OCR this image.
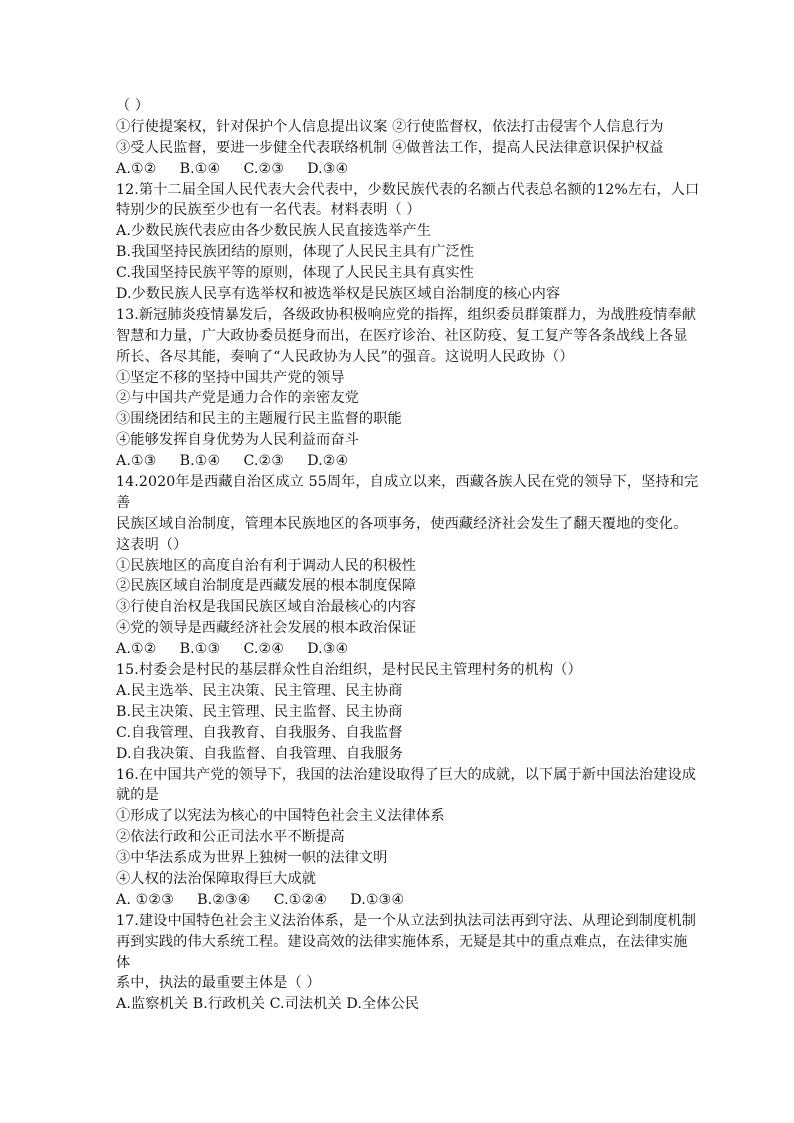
（ ）
①行使提案权，针对保护个人信息提出议案 ②行使监督权，依法打击侵害个人信息行为
③受人民监督，要进一步健全代表联络机制 ④做普法工作，提高人民法律意识保护权益
A.①②     B.①④     C.②③     D.③④
12.第十二届全国人民代表大会代表中，少数民族代表的名额占代表总名额的12%左右，人口
特别少的民族至少也有一名代表。材料表明（ ）
A.少数民族代表应由各少数民族人民直接选举产生
B.我国坚持民族团结的原则，体现了人民民主具有广泛性
C.我国坚持民族平等的原则，体现了人民民主具有真实性
D.少数民族人民享有选举权和被选举权是民族区域自治制度的核心内容
13.新冠肺炎疫情暴发后，各级政协积极响应党的指挥，组织委员群策群力，为战胜疫情奉献
智慧和力量，广大政协委员挺身而出，在医疗诊治、社区防疫、复工复产等各条战线上各显
所长、各尽其能，奏响了“人民政协为人民”的强音。这说明人民政协（）
①坚定不移的坚持中国共产党的领导
②与中国共产党是通力合作的亲密友党
③围绕团结和民主的主题履行民主监督的职能
④能够发挥自身优势为人民利益而奋斗
A.①③     B.①④     C.②③     D.②④
14.2020年是西藏自治区成立 55周年，自成立以来，西藏各族人民在党的领导下，坚持和完
善
民族区域自治制度，管理本民族地区的各项事务，使西藏经济社会发生了翻天覆地的变化。
这表明（）
①民族地区的高度自治有利于调动人民的积极性
②民族区域自治制度是西藏发展的根本制度保障
③行使自治权是我国民族区域自治最核心的内容
④党的领导是西藏经济社会发展的根本政治保证
A.①②     B.①③     C.②④     D.③④
15.村委会是村民的基层群众性自治组织，是村民民主管理村务的机构（）
A.民主选举、民主决策、民主管理、民主协商
B.民主决策、民主管理、民主监督、民主协商
C.自我管理、自我教育、自我服务、自我监督
D.自我决策、自我监督、自我管理、自我服务
16.在中国共产党的领导下，我国的法治建设取得了巨大的成就，以下属于新中国法治建设成
就的是
①形成了以宪法为核心的中国特色社会主义法律体系
②依法行政和公正司法水平不断提高
③中华法系成为世界上独树一帜的法律文明
④人权的法治保障取得巨大成就
A. ①②③     B.②③④     C.①②④     D.①③④
17.建设中国特色社会主义法治体系，是一个从立法到执法司法再到守法、从理论到制度机制
再到实践的伟大系统工程。建设高效的法律实施体系，无疑是其中的重点难点，在法律实施
体
系中，执法的最重要主体是（ ）
A.监察机关 B.行政机关 C.司法机关 D.全体公民
